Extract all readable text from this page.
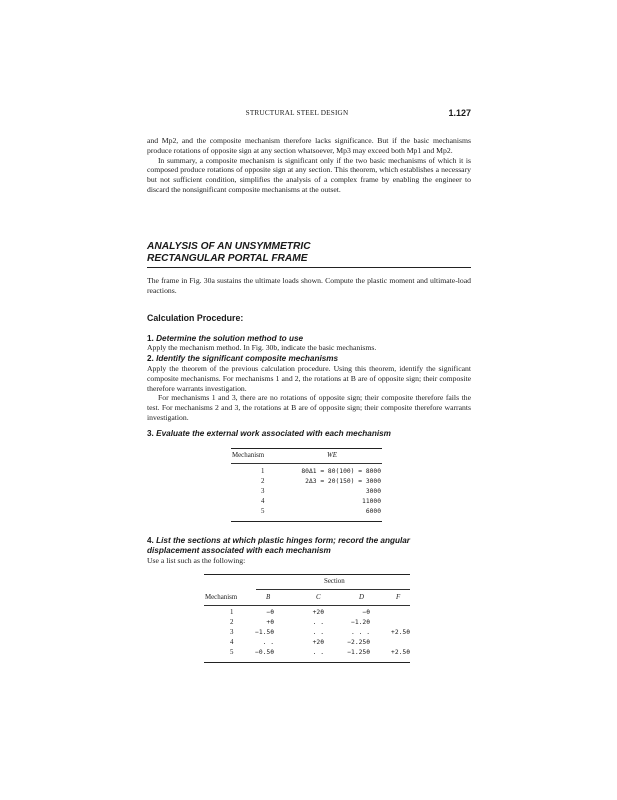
STRUCTURAL STEEL DESIGN	1.127

and Mp2, and the composite mechanism therefore lacks significance. But if the basic mechanisms produce rotations of opposite sign at any section whatsoever, Mp3 may exceed both Mp1 and Mp2.

In summary, a composite mechanism is significant only if the two basic mechanisms of which it is composed produce rotations of opposite sign at any section. This theorem, which establishes a necessary but not sufficient condition, simplifies the analysis of a complex frame by enabling the engineer to discard the nonsignificant composite mechanisms at the outset.

ANALYSIS OF AN UNSYMMETRIC
RECTANGULAR PORTAL FRAME

The frame in Fig. 30a sustains the ultimate loads shown. Compute the plastic moment and ultimate-load reactions.

Calculation Procedure:
1. Determine the solution method to use

Apply the mechanism method. In Fig. 30b, indicate the basic mechanisms.

2. Identify the significant composite mechanisms

Apply the theorem of the previous calculation procedure. Using this theorem, identify the significant composite mechanisms. For mechanisms 1 and 2, the rotations at B are of opposite sign; their composite therefore warrants investigation.

For mechanisms 1 and 3, there are no rotations of opposite sign; their composite therefore fails the test. For mechanisms 2 and 3, the rotations at B are of opposite sign; their composite therefore warrants investigation.

3. Evaluate the external work associated with each mechanism
Mechanism	WE
1	80Δ1 = 80(100) = 8000
2	2Δ3 = 20(150) = 3000
3	3000
4	11000
5	6000
4. List the sections at which plastic hinges form; record the angular
displacement associated with each mechanism

Use a list such as the following:

Section
Mechanism	B	C	D	F
1	−θ	+2θ	−θ
2	+θ	. .	−1.2θ
3	−1.5θ	. .	. . .	+2.5θ
4	. .	+2θ	−2.25θ
5	−0.5θ	. .	−1.25θ	+2.5θ
